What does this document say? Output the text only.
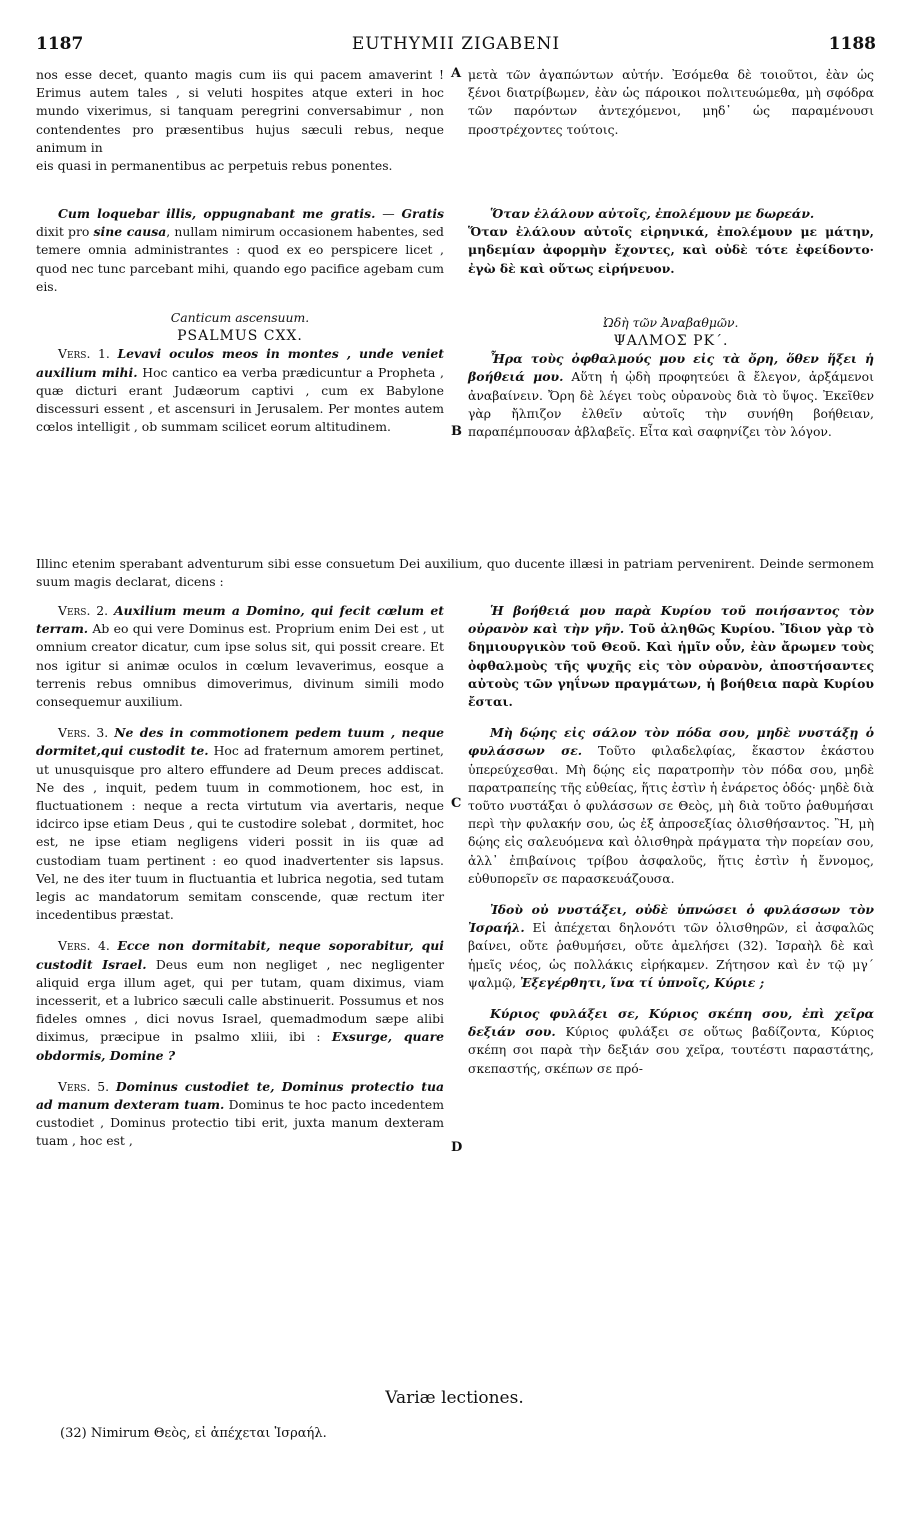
1187	EUTHYMII ZIGABENI	1188
A
B
C
D

nos esse decet, quanto magis cum iis qui pacem amaverint ! Erimus autem tales , si veluti hospites atque exteri in hoc mundo vixerimus, si tanquam peregrini conversabimur , non contendentes pro præsentibus hujus sæculi rebus, neque animum in

μετὰ τῶν ἀγαπώντων αὐτήν. Ἐσόμεθα δὲ τοιοῦτοι, ἐὰν ὡς ξένοι διατρίβωμεν, ἐὰν ὡς πάροικοι πολιτευώμεθα, μὴ σφόδρα τῶν παρόντων ἀντεχόμενοι, μηδ᾽ ὡς παραμένουσι προστρέχοντες τούτοις.

eis quasi in permanentibus ac perpetuis rebus ponentes.

Cum loquebar illis, oppugnabant me gratis. — Gratis dixit pro sine causa, nullam nimirum occasionem habentes, sed temere omnia administrantes : quod ex eo perspicere licet , quod nec tunc parcebant mihi, quando ego pacifice agebam cum eis.

Canticum ascensuum.

PSALMUS CXX.

Vers. 1. Levavi oculos meos in montes , unde veniet auxilium mihi. Hoc cantico ea verba prædicuntur a Propheta , quæ dicturi erant Judæorum captivi , cum ex Babylone discessuri essent , et ascensuri in Jerusalem. Per montes autem cœlos intelligit , ob summam scilicet eorum altitudinem.

Ὅταν ἐλάλουν αὐτοῖς, ἐπολέμουν με δωρεάν.
Ὅταν ἐλάλουν αὐτοῖς εἰρηνικά, ἐπολέμουν με μάτην, μηδεμίαν ἀφορμὴν ἔχοντες, καὶ οὐδὲ τότε ἐφείδοντο· ἐγὼ δὲ καὶ οὕτως εἰρήνευον.

Ὠδὴ τῶν Ἀναβαθμῶν.

ΨΑΛΜΟΣ ΡΚ΄.

Ἦρα τοὺς ὀφθαλμούς μου εἰς τὰ ὄρη, ὅθεν ἥξει ἡ βοήθειά μου. Αὕτη ἡ ᾠδὴ προφητεύει ἃ ἔλεγον, ἀρξάμενοι ἀναβαίνειν. Ὄρη δὲ λέγει τοὺς οὐρανοὺς διὰ τὸ ὕψος. Ἐκεῖθεν γὰρ ἤλπιζον ἐλθεῖν αὐτοῖς τὴν συνήθη βοήθειαν, παραπέμπουσαν ἀβλαβεῖς. Εἶτα καὶ σαφηνίζει τὸν λόγον.

Illinc etenim sperabant adventurum sibi esse consuetum Dei auxilium, quo ducente illæsi in patriam pervenirent. Deinde sermonem suum magis declarat, dicens :

Vers. 2. Auxilium meum a Domino, qui fecit cœlum et terram. Ab eo qui vere Dominus est. Proprium enim Dei est , ut omnium creator dicatur, cum ipse solus sit, qui possit creare. Et nos igitur si animæ oculos in cœlum levaverimus, eosque a terrenis rebus omnibus dimoverimus, divinum simili modo consequemur auxilium.

Vers. 3. Ne des in commotionem pedem tuum , neque dormitet,qui custodit te. Hoc ad fraternum amorem pertinet, ut unusquisque pro altero effundere ad Deum preces addiscat. Ne des , inquit, pedem tuum in commotionem, hoc est, in fluctuationem : neque a recta virtutum via avertaris, neque idcirco ipse etiam Deus , qui te custodire solebat , dormitet, hoc est, ne ipse etiam negligens videri possit in iis quæ ad custodiam tuam pertinent : eo quod inadvertenter sis lapsus. Vel, ne des iter tuum in fluctuantia et lubrica negotia, sed tutam legis ac mandatorum semitam conscende, quæ rectum iter incedentibus præstat.

Vers. 4. Ecce non dormitabit, neque soporabitur, qui custodit Israel. Deus eum non negliget , nec negligenter aliquid erga illum aget, qui per tutam, quam diximus, viam incesserit, et a lubrico sæculi calle abstinuerit. Possumus et nos fideles omnes , dici novus Israel, quemadmodum sæpe alibi diximus, præcipue in psalmo xliii, ibi : Exsurge, quare obdormis, Domine ?

Vers. 5. Dominus custodiet te, Dominus protectio tua ad manum dexteram tuam. Dominus te hoc pacto incedentem custodiet , Dominus protectio tibi erit, juxta manum dexteram tuam , hoc est ,

Ἡ βοήθειά μου παρὰ Κυρίου τοῦ ποιήσαντος τὸν οὐρανὸν καὶ τὴν γῆν. Τοῦ ἀληθῶς Κυρίου. Ἴδιον γὰρ τὸ δημιουργικὸν τοῦ Θεοῦ. Καὶ ἡμῖν οὖν, ἐὰν ἄρωμεν τοὺς ὀφθαλμοὺς τῆς ψυχῆς εἰς τὸν οὐρανὸν, ἀποστήσαντες αὐτοὺς τῶν γηΐνων πραγμάτων, ἡ βοήθεια παρὰ Κυρίου ἔσται.

Μὴ δῴης εἰς σάλον τὸν πόδα σου, μηδὲ νυστάξῃ ὁ φυλάσσων σε. Τοῦτο φιλαδελφίας, ἕκαστον ἑκάστου ὑπερεύχεσθαι. Μὴ δῴης εἰς παρατροπὴν τὸν πόδα σου, μηδὲ παρατραπείης τῆς εὐθείας, ἥτις ἐστὶν ἡ ἐνάρετος ὁδός· μηδὲ διὰ τοῦτο νυστάξαι ὁ φυλάσσων σε Θεὸς, μὴ διὰ τοῦτο ῥαθυμήσαι περὶ τὴν φυλακήν σου, ὡς ἐξ ἀπροσεξίας ὀλισθήσαντος. Ἢ, μὴ δῴης εἰς σαλευόμενα καὶ ὀλισθηρὰ πράγματα τὴν πορείαν σου, ἀλλ᾽ ἐπιβαίνοις τρίβου ἀσφαλοῦς, ἥτις ἐστὶν ἡ ἔννομος, εὐθυπορεῖν σε παρασκευάζουσα.

Ἰδοὺ οὐ νυστάξει, οὐδὲ ὑπνώσει ὁ φυλάσσων τὸν Ἰσραήλ. Εἰ ἀπέχεται δηλονότι τῶν ὀλισθηρῶν, εἰ ἀσφαλῶς βαίνει, οὔτε ῥαθυμήσει, οὔτε ἀμελήσει (32). Ἰσραὴλ δὲ καὶ ἡμεῖς νέος, ὡς πολλάκις εἰρήκαμεν. Ζήτησον καὶ ἐν τῷ μγ΄ ψαλμῷ, Ἐξεγέρθητι, ἵνα τί ὑπνοῖς, Κύριε ;

Κύριος φυλάξει σε, Κύριος σκέπη σου, ἐπὶ χεῖρα δεξιάν σου. Κύριος φυλάξει σε οὕτως βαδίζοντα, Κύριος σκέπη σοι παρὰ τὴν δεξιάν σου χεῖρα, τουτέστι παραστάτης, σκεπαστής, σκέπων σε πρό-

Variæ lectiones.
(32) Nimirum Θεὸς, εἰ ἀπέχεται Ἰσραήλ.
